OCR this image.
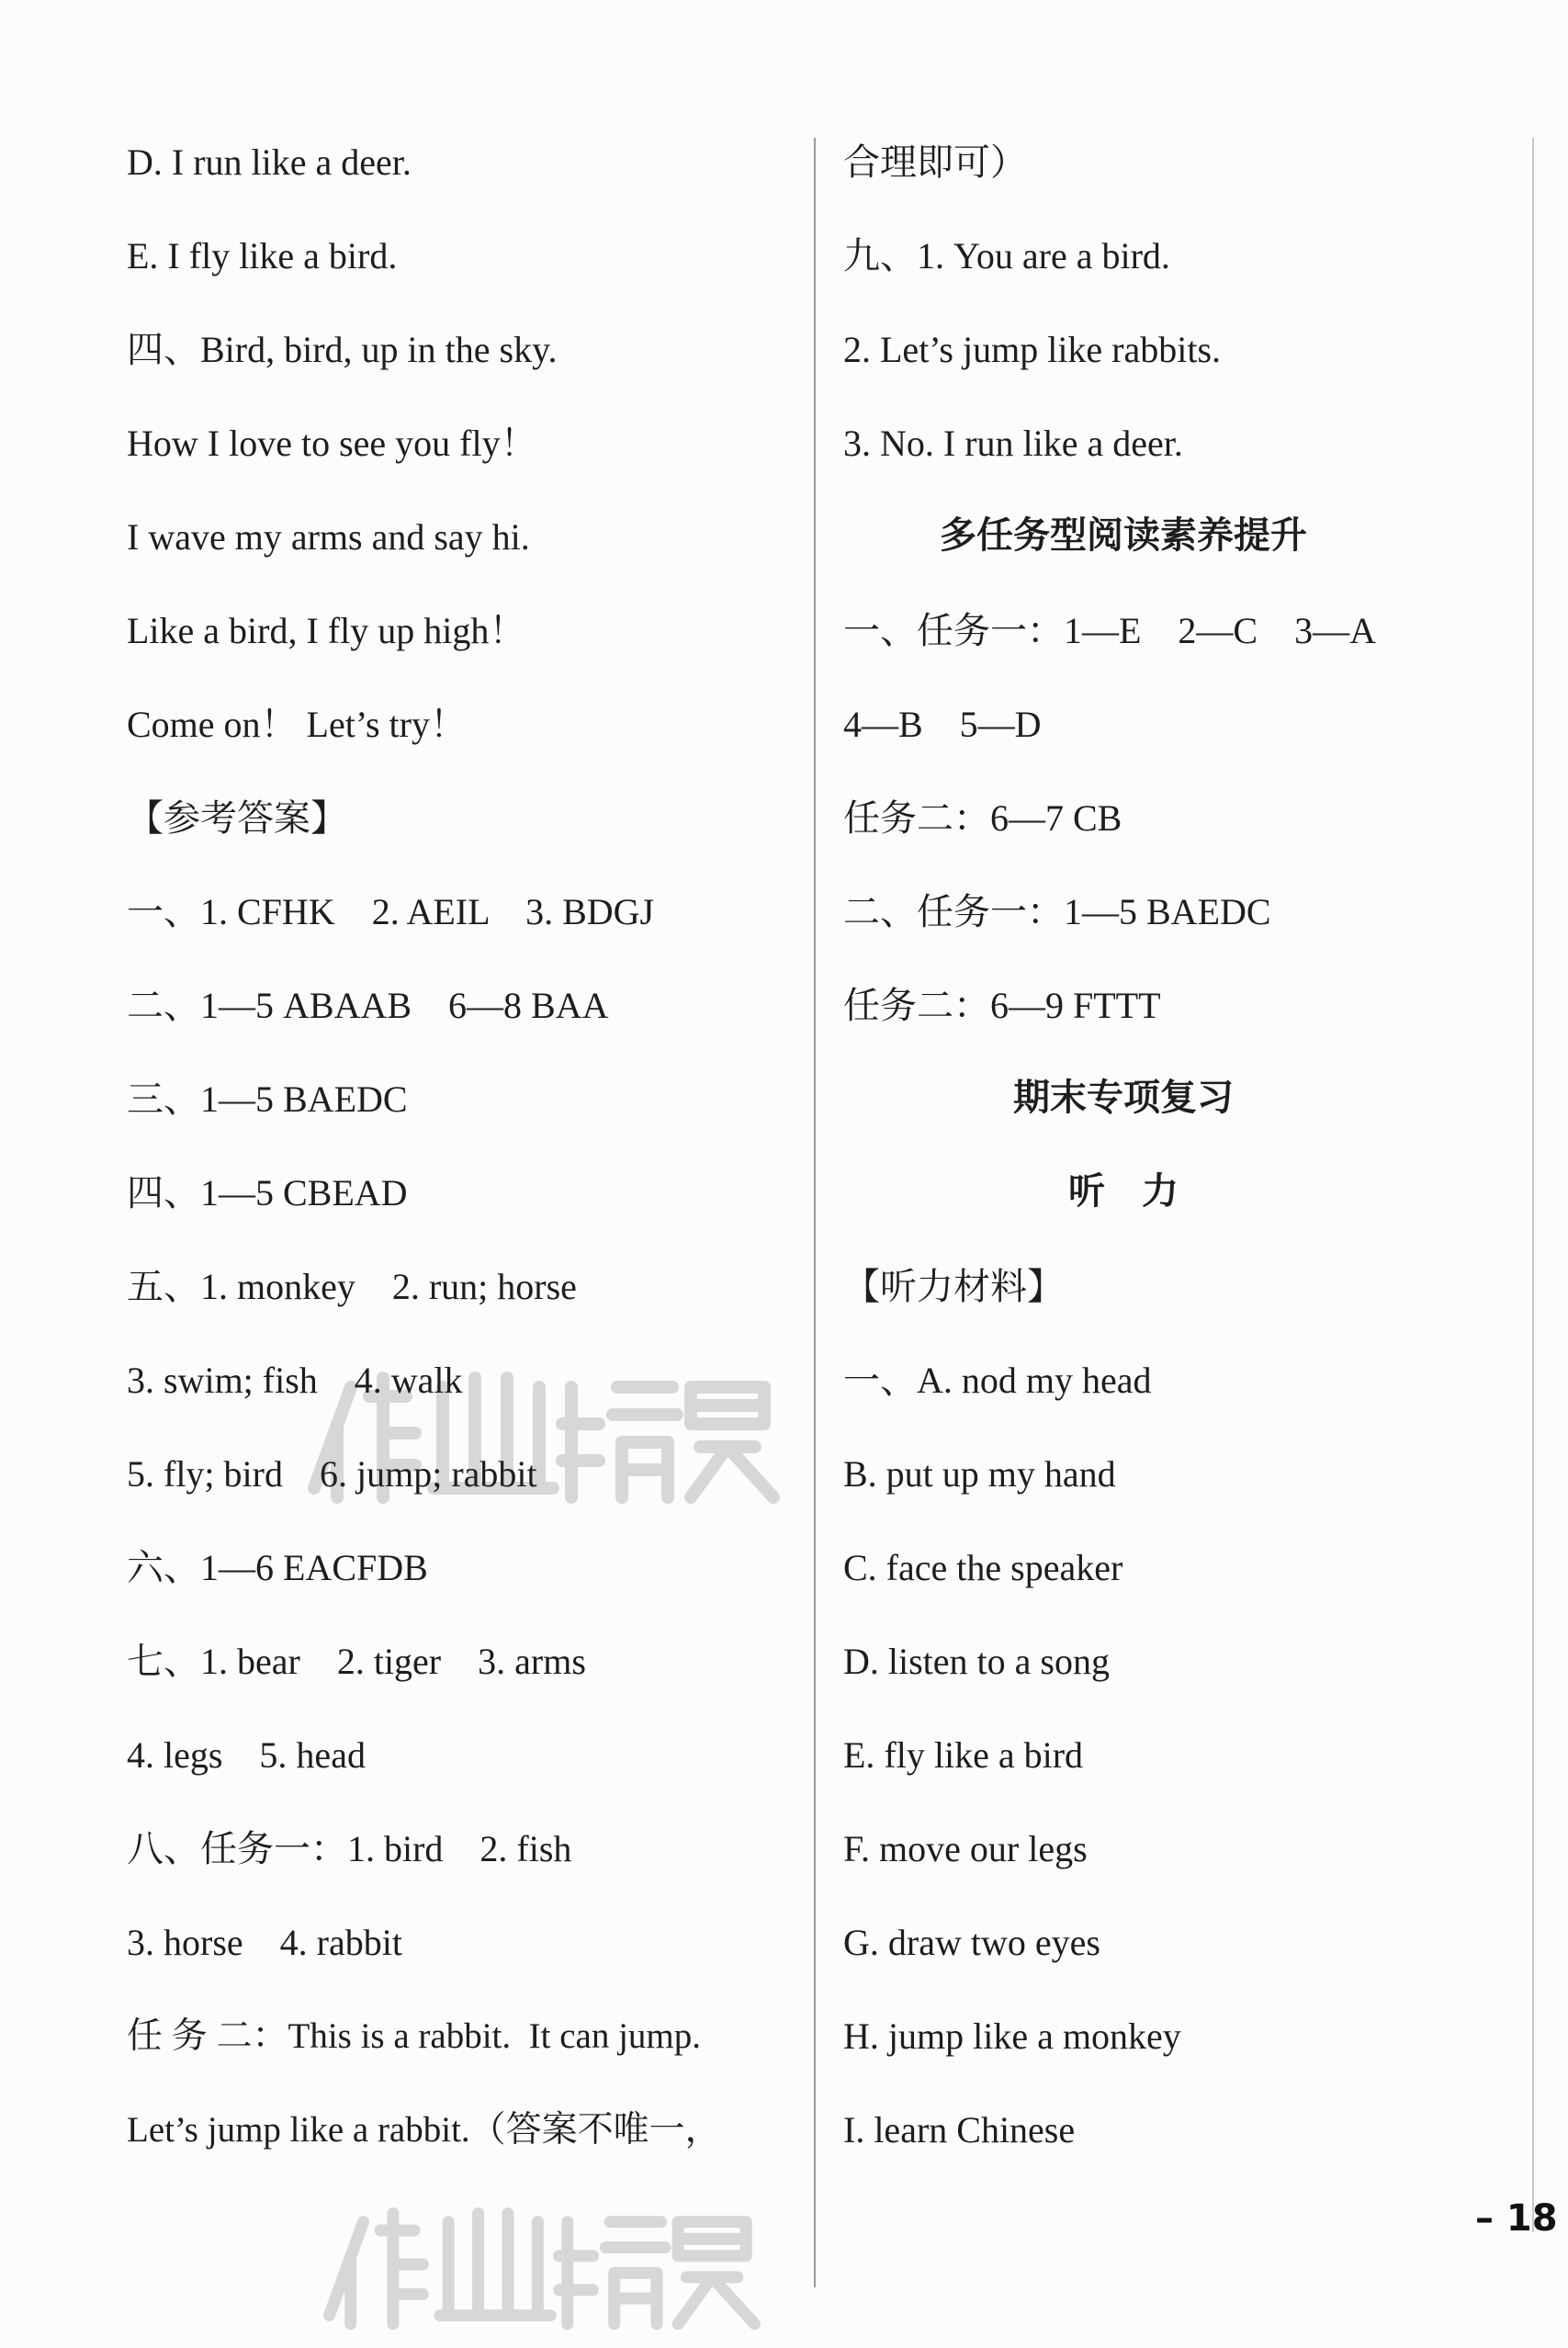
D. I run like a deer.
E. I fly like a bird.
四、Bird, bird, up in the sky.
How I love to see you fly！
I wave my arms and say hi.
Like a bird, I fly up high！
Come on！ Let’s try！
【参考答案】
一、1. CFHK    2. AEIL    3. BDGJ
二、1—5 ABAAB    6—8 BAA
三、1—5 BAEDC
四、1—5 CBEAD
五、1. monkey    2. run; horse
3. swim; fish    4. walk
5. fly; bird    6. jump; rabbit
六、1—6 EACFDB
七、1. bear    2. tiger    3. arms
4. legs    5. head
八、任务一：1. bird    2. fish
3. horse    4. rabbit
任 务 二：This is a rabbit.  It can jump.
Let’s jump like a rabbit.（答案不唯一，
合理即可）
九、1. You are a bird.
2. Let’s jump like rabbits.
3. No. I run like a deer.
多任务型阅读素养提升
一、任务一：1—E    2—C    3—A
4—B    5—D
任务二：6—7 CB
二、任务一：1—5 BAEDC
任务二：6—9 FTTT
期末专项复习
听　力
【听力材料】
一、A. nod my head
B. put up my hand
C. face the speaker
D. listen to a song
E. fly like a bird
F. move our legs
G. draw two eyes
H. jump like a monkey
I. learn Chinese
– 18
